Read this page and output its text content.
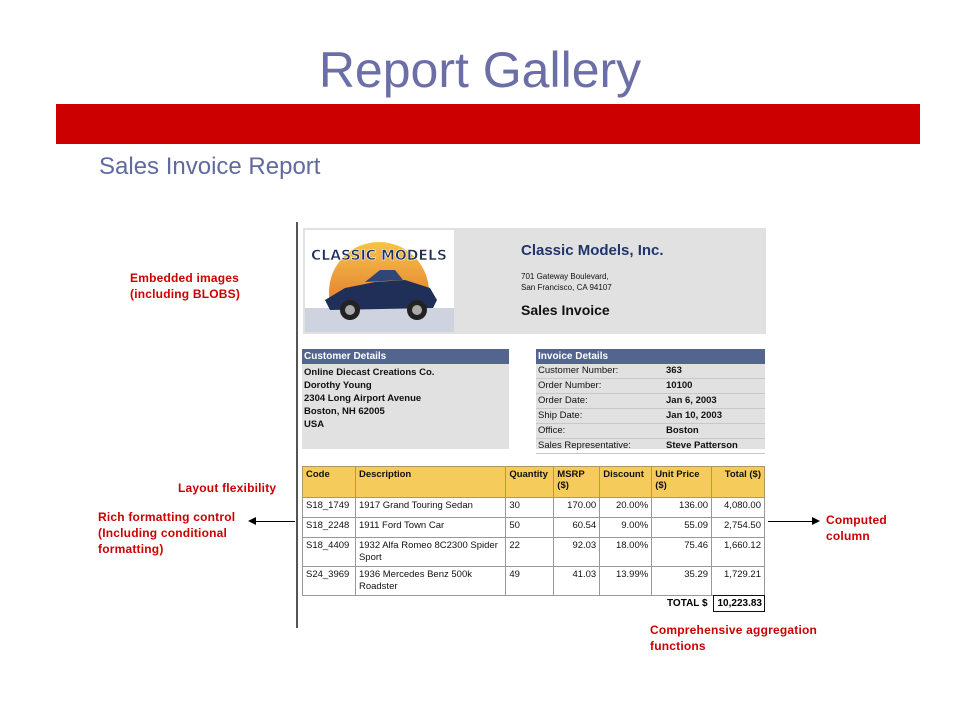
Report Gallery
Sales Invoice Report
Embedded images
(including BLOBS)
Layout flexibility
Rich formatting control
(Including conditional
formatting)
Computed
column
Comprehensive aggregation
functions
CLASSIC MODELS	Classic Models, Inc.
701 Gateway Boulevard,
San Francisco, CA 94107
Sales Invoice
Customer Details
Online Diecast Creations Co.
Dorothy Young
2304 Long Airport Avenue
Boston, NH 62005
USA
Invoice Details
Customer Number:	363
Order Number:	10100
Order Date:	Jan 6, 2003
Ship Date:	Jan 10, 2003
Office:	Boston
Sales Representative:	Steve Patterson
Code	Description	Quantity	MSRP ($)	Discount	Unit Price ($)	Total ($)
S18_1749	1917 Grand Touring Sedan	30	170.00	20.00%	136.00	4,080.00
S18_2248	1911 Ford Town Car	50	60.54	9.00%	55.09	2,754.50
S18_4409	1932 Alfa Romeo 8C2300 Spider Sport	22	92.03	18.00%	75.46	1,660.12
S24_3969	1936 Mercedes Benz 500k Roadster	49	41.03	13.99%	35.29	1,729.21
TOTAL $ 10,223.83
